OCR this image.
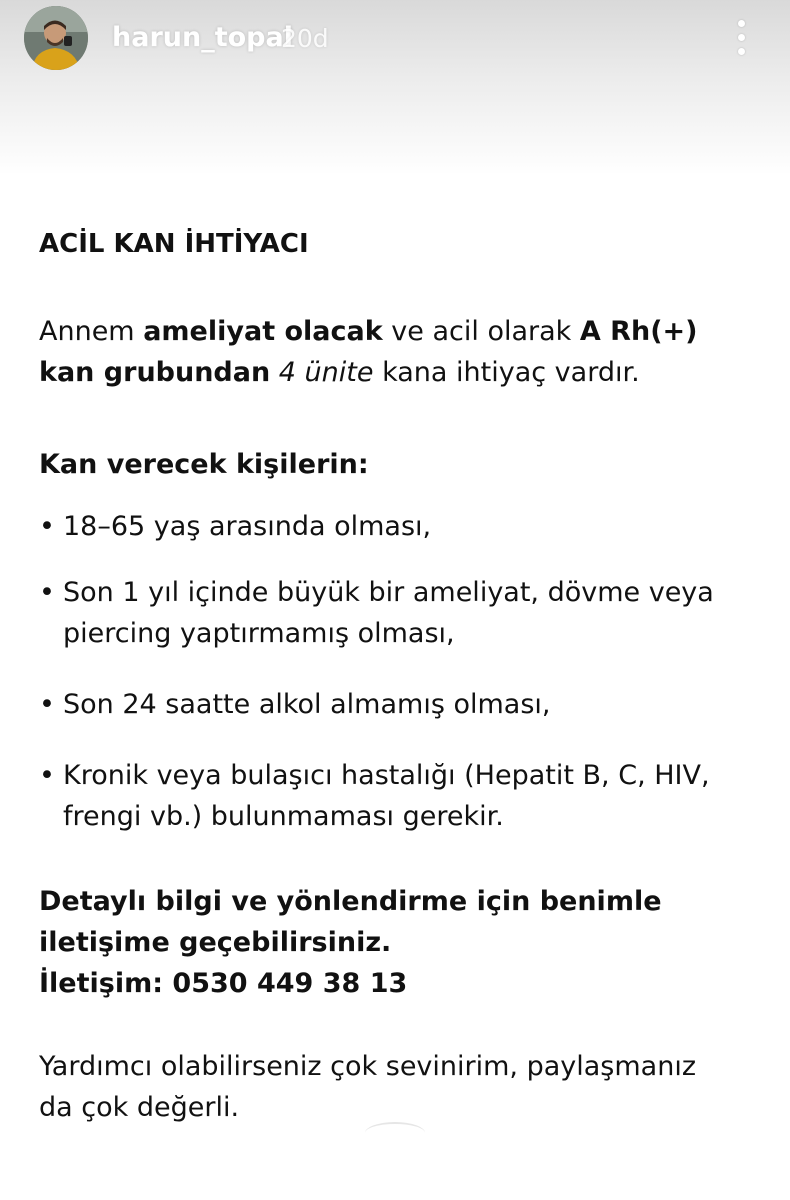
harun_topal
20d
ACİL KAN İHTİYACI

Annem ameliyat olacak ve acil olarak A Rh(+)
kan grubundan 4 ünite kana ihtiyaç vardır.

Kan verecek kişilerin:

• 18–65 yaş arasında olması,
• Son 1 yıl içinde büyük bir ameliyat, dövme veya
piercing yaptırmamış olması,
• Son 24 saatte alkol almamış olması,
• Kronik veya bulaşıcı hastalığı (Hepatit B, C, HIV,
frengi vb.) bulunmaması gerekir.

Detaylı bilgi ve yönlendirme için benimle
iletişime geçebilirsiniz.
İletişim: 0530 449 38 13

Yardımcı olabilirseniz çok sevinirim, paylaşmanız
da çok değerli.
